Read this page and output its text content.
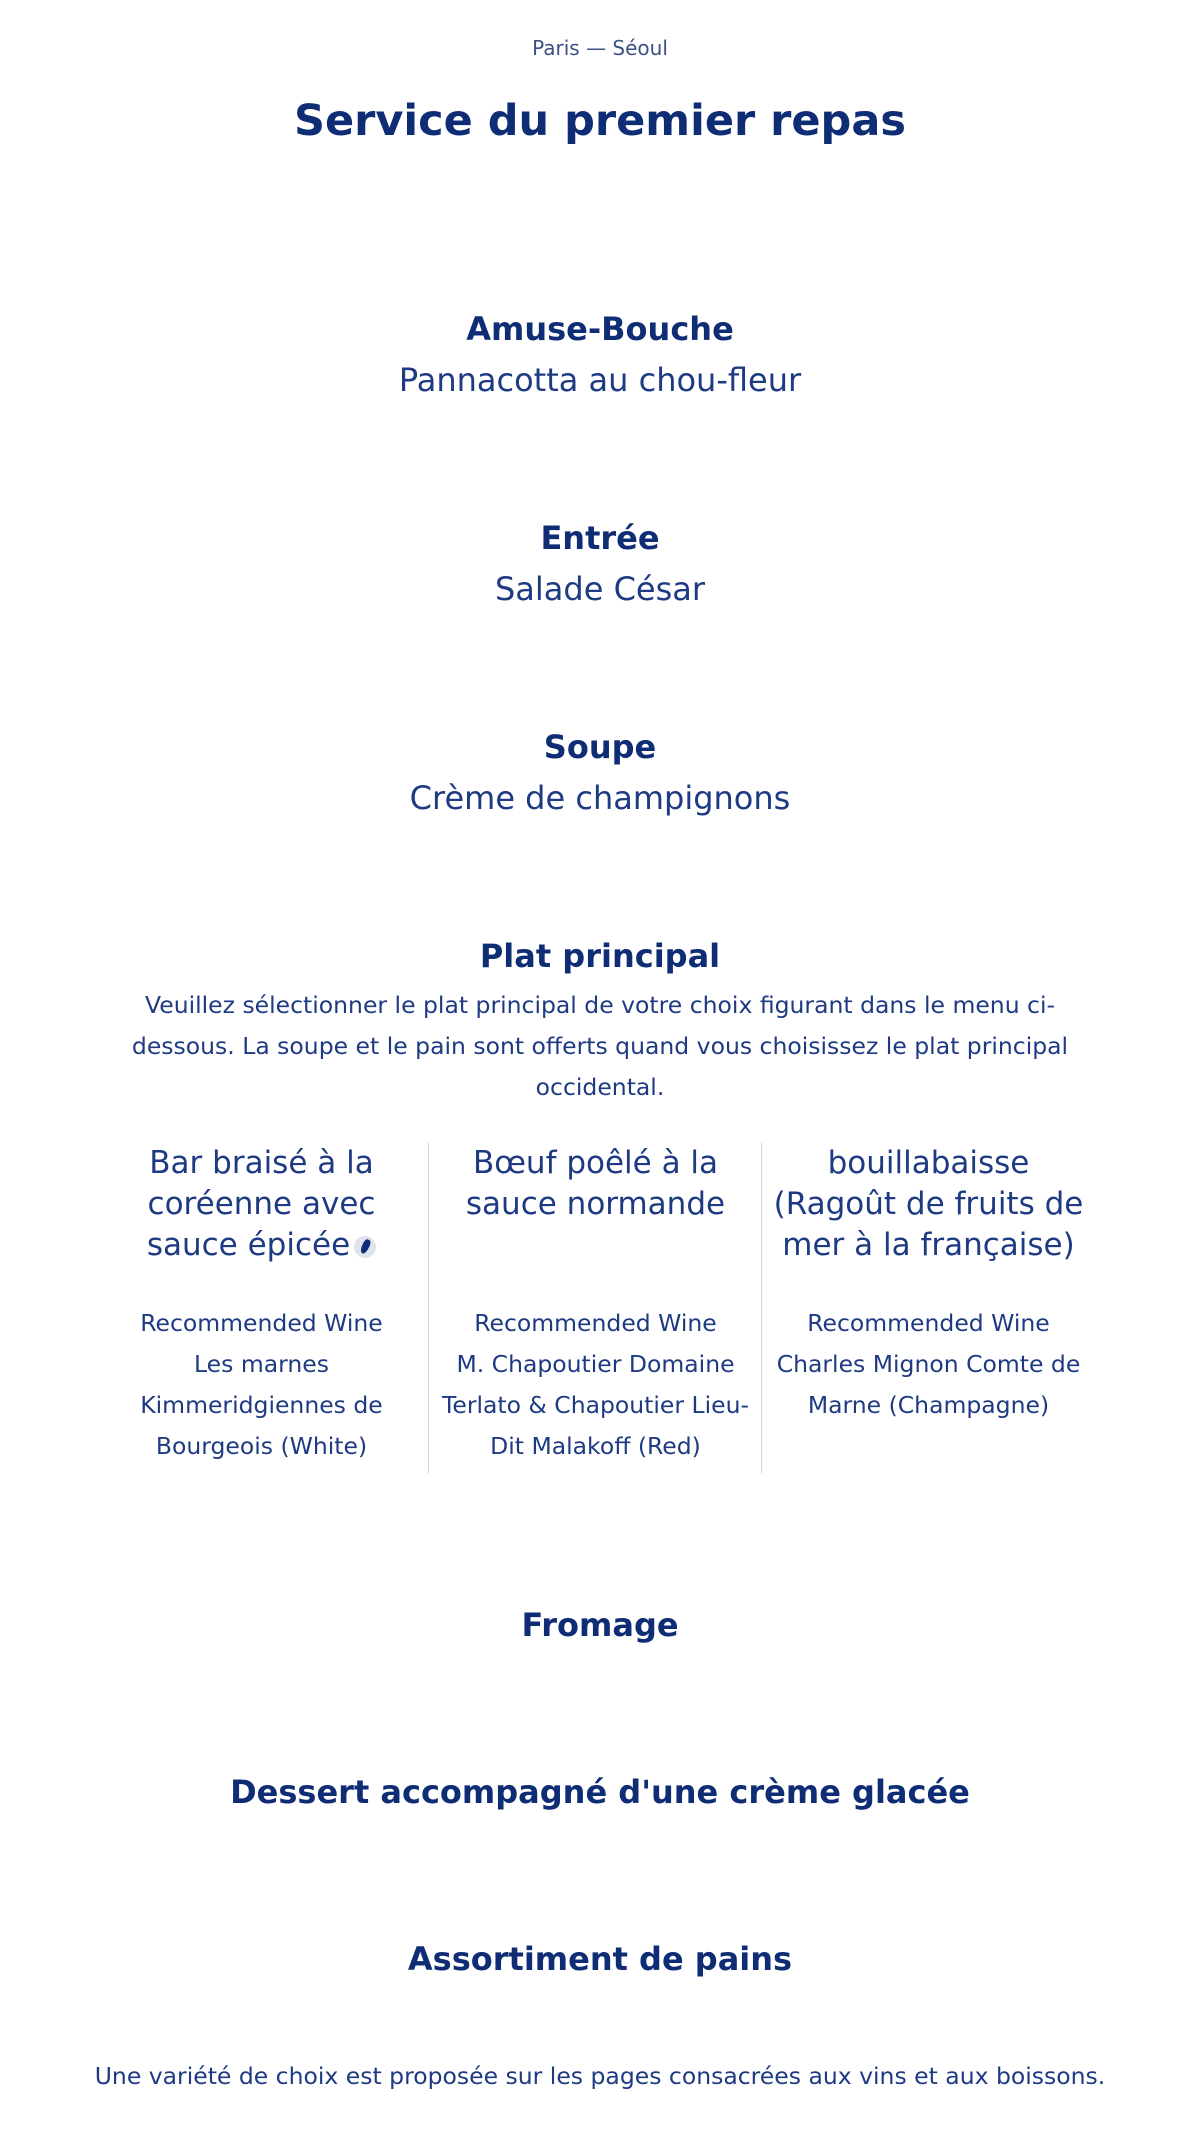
Paris — Séoul
Service du premier repas
Amuse-Bouche
Pannacotta au chou-fleur
Entrée
Salade César
Soupe
Crème de champignons
Plat principal
Veuillez sélectionner le plat principal de votre choix figurant dans le menu ci-dessous. La soupe et le pain sont offerts quand vous choisissez le plat principal occidental.
Bar braisé à la coréenne avec sauce épicée
Recommended Wine
Les marnes Kimmeridgiennes de Bourgeois (White)
Bœuf poêlé à la sauce normande
Recommended Wine
M. Chapoutier Domaine Terlato & Chapoutier Lieu-Dit Malakoff (Red)
bouillabaisse (Ragoût de fruits de mer à la française)
Recommended Wine
Charles Mignon Comte de Marne (Champagne)
Fromage
Dessert accompagné d'une crème glacée
Assortiment de pains
Une variété de choix est proposée sur les pages consacrées aux vins et aux boissons.
